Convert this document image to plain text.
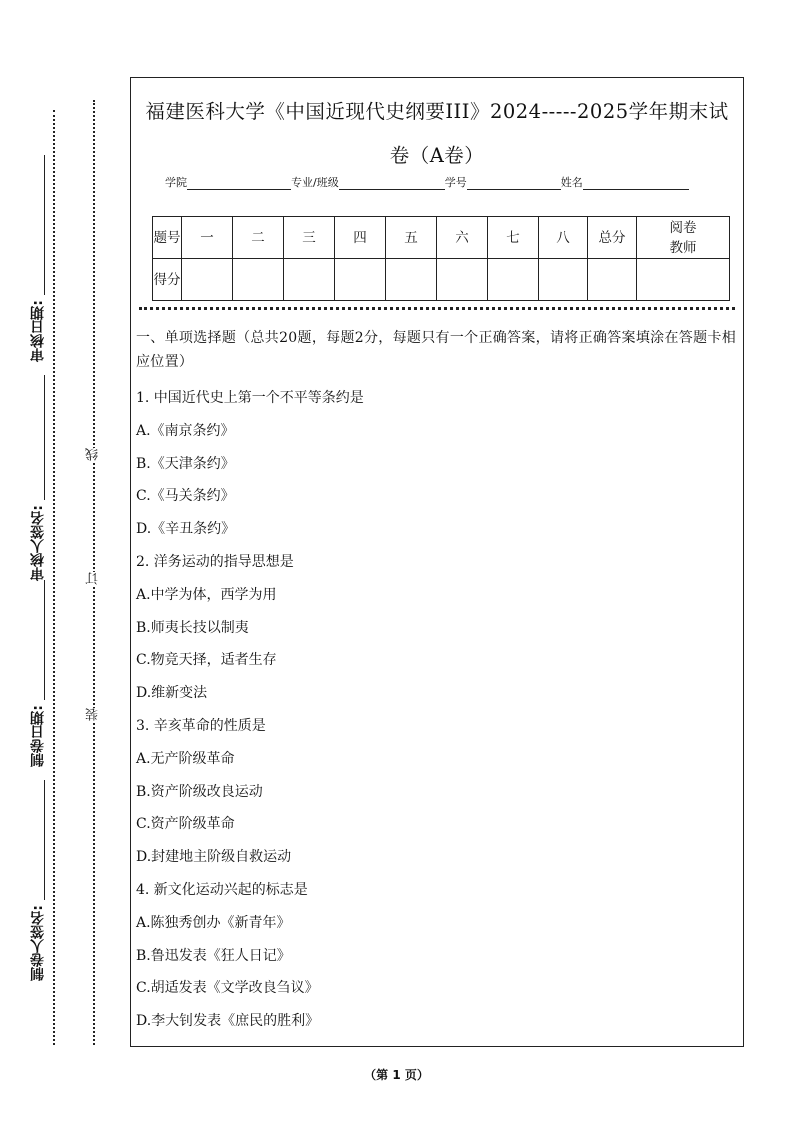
审核日期:
审核人签名:
制卷日期:
制卷人签名:
线
订
装
福建医科大学《中国近现代史纲要III》2024-----2025学年期末试
卷（A卷）
学院	专业/班级	学号	姓名
题号	一	二	三	四	五	六	七	八	总分	阅卷教师

得分										

一、单项选择题（总共20题，每题2分，每题只有一个正确答案，请将正确答案填涂在答题卡相应位置）

1. 中国近代史上第一个不平等条约是

A.《南京条约》

B.《天津条约》

C.《马关条约》

D.《辛丑条约》

2. 洋务运动的指导思想是

A.中学为体，西学为用

B.师夷长技以制夷

C.物竞天择，适者生存

D.维新变法

3. 辛亥革命的性质是

A.无产阶级革命

B.资产阶级改良运动

C.资产阶级革命

D.封建地主阶级自救运动

4. 新文化运动兴起的标志是

A.陈独秀创办《新青年》

B.鲁迅发表《狂人日记》

C.胡适发表《文学改良刍议》

D.李大钊发表《庶民的胜利》

（第 1 页）
